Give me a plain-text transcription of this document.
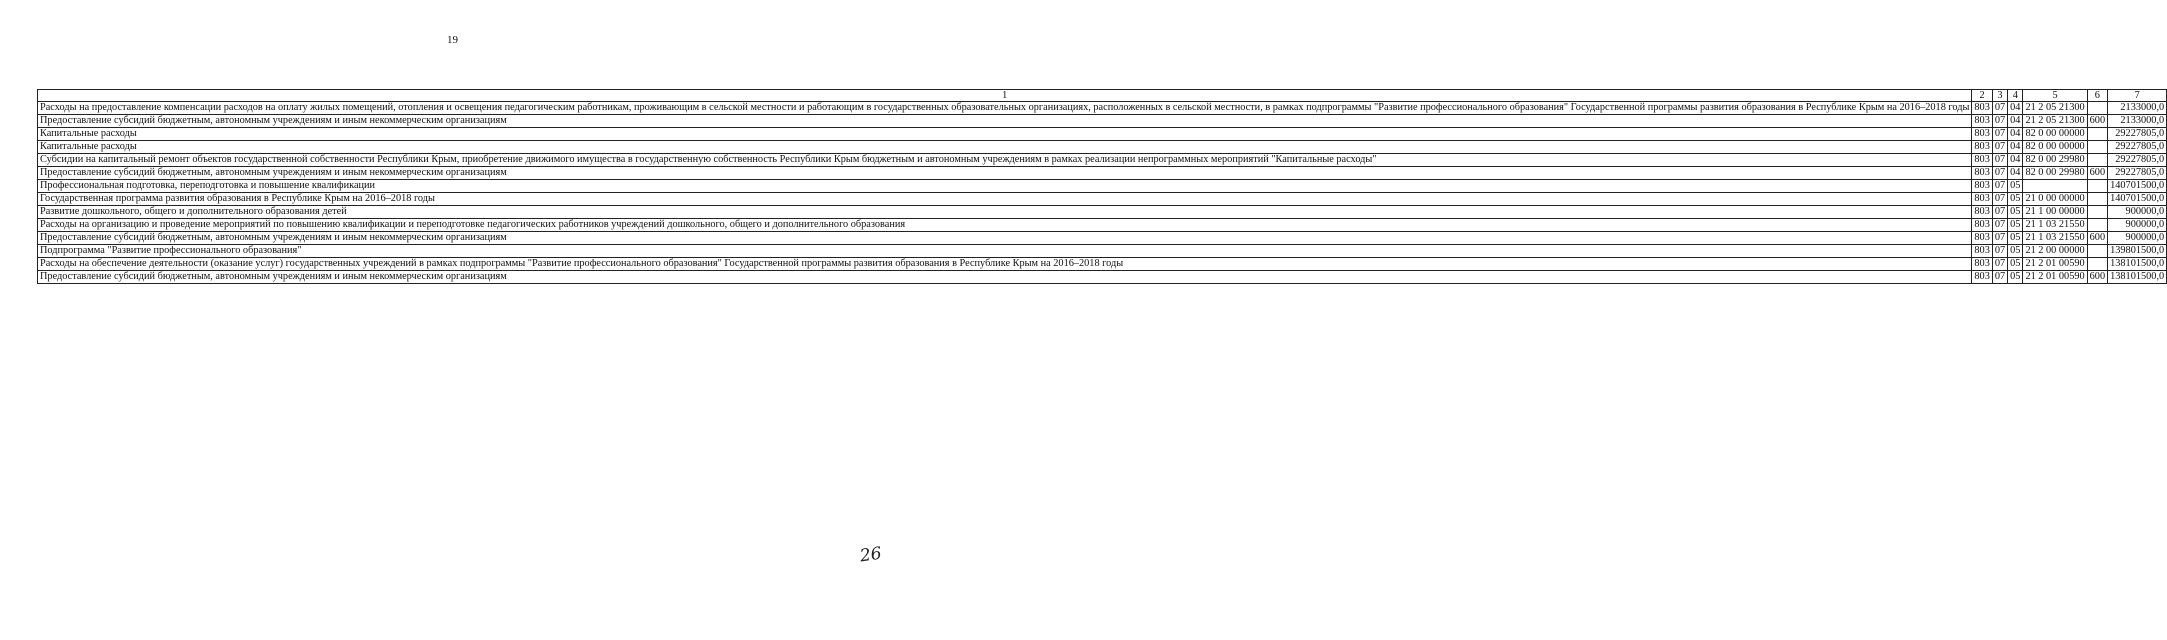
19
1	2	3	4	5	6	7
Расходы на предоставление компенсации расходов на оплату жилых помещений, отопления и освещения педагогическим работникам, проживающим в сельской местности и работающим в государственных образовательных организациях, расположенных в сельской местности, в рамках подпрограммы "Развитие профессионального образования" Государственной программы развития образования в Республике Крым на 2016–2018 годы	803	07	04	21 2 05 21300		2133000,0
Предоставление субсидий бюджетным, автономным учреждениям и иным некоммерческим организациям	803	07	04	21 2 05 21300	600	2133000,0
Капитальные расходы	803	07	04	82 0 00 00000		29227805,0
Капитальные расходы	803	07	04	82 0 00 00000		29227805,0
Субсидии на капитальный ремонт объектов государственной собственности Республики Крым, приобретение движимого имущества в государственную собственность Республики Крым бюджетным и автономным учреждениям в рамках реализации непрограммных мероприятий "Капитальные расходы"	803	07	04	82 0 00 29980		29227805,0
Предоставление субсидий бюджетным, автономным учреждениям и иным некоммерческим организациям	803	07	04	82 0 00 29980	600	29227805,0
Профессиональная подготовка, переподготовка и повышение квалификации	803	07	05			140701500,0
Государственная программа развития образования в Республике Крым на 2016–2018 годы	803	07	05	21 0 00 00000		140701500,0
Развитие дошкольного, общего и дополнительного образования детей	803	07	05	21 1 00 00000		900000,0
Расходы на организацию и проведение мероприятий по повышению квалификации и переподготовке педагогических работников учреждений дошкольного, общего и дополнительного образования	803	07	05	21 1 03 21550		900000,0
Предоставление субсидий бюджетным, автономным учреждениям и иным некоммерческим организациям	803	07	05	21 1 03 21550	600	900000,0
Подпрограмма "Развитие профессионального образования"	803	07	05	21 2 00 00000		139801500,0
Расходы на обеспечение деятельности (оказание услуг) государственных учреждений в рамках подпрограммы "Развитие профессионального образования" Государственной программы развития образования в Республике Крым на 2016–2018 годы	803	07	05	21 2 01 00590		138101500,0
Предоставление субсидий бюджетным, автономным учреждениям и иным некоммерческим организациям	803	07	05	21 2 01 00590	600	138101500,0
26
